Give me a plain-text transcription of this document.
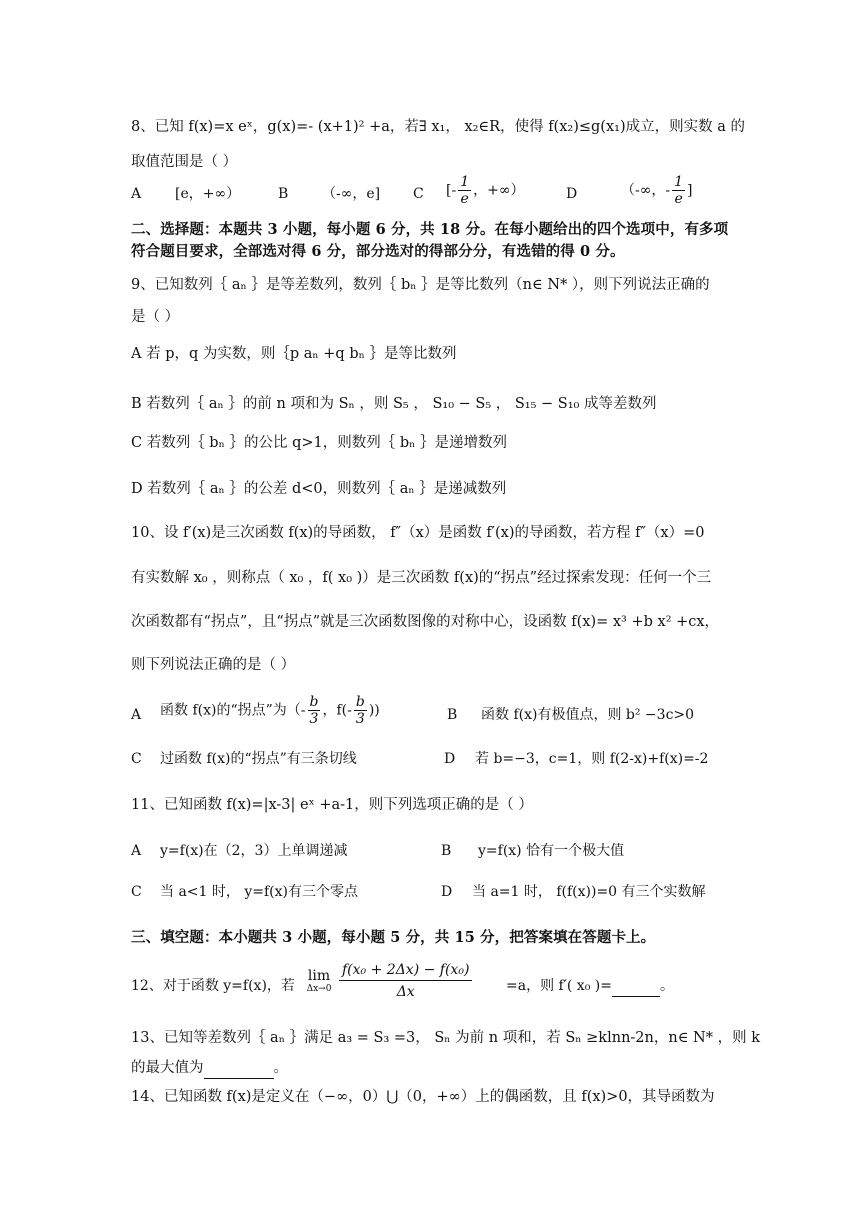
8、已知 f(x)=x eˣ，g(x)=- (x+1)² +a，若∃ x₁， x₂∈R，使得 f(x₂)≤g(x₁)成立，则实数 a 的
取值范围是（ ）
A [e，+∞）	B （-∞，e] C [- $\frac{1}{e}$ ，+∞）	D	（-∞，- $\frac{1}{e}$ ]
二、选择题：本题共 3 小题，每小题 6 分，共 18 分。在每小题给出的四个选项中，有多项
符合题目要求，全部选对得 6 分，部分选对的得部分分，有选错的得 0 分。
9、已知数列｛ aₙ ｝是等差数列，数列｛ bₙ ｝是等比数列（n∈ N* ），则下列说法正确的
是（ ）
A 若 p，q 为实数，则｛p aₙ +q bₙ ｝是等比数列
B 若数列｛ aₙ ｝的前 n 项和为 Sₙ ，则 S₅ ， S₁₀ − S₅ ， S₁₅ − S₁₀ 成等差数列
C 若数列｛ bₙ ｝的公比 q>1，则数列｛ bₙ ｝是递增数列
D 若数列｛ aₙ ｝的公差 d<0，则数列｛ aₙ ｝是递减数列
10、设 f′(x)是三次函数 f(x)的导函数， f″（x）是函数 f′(x)的导函数，若方程 f″（x）=0
有实数解 x₀ ，则称点（ x₀ ，f( x₀ )）是三次函数 f(x)的“拐点”经过探索发现：任何一个三
次函数都有“拐点”，且“拐点”就是三次函数图像的对称中心，设函数 f(x)= x³ +b x² +cx，
则下列说法正确的是（ ）
A 函数 f(x)的“拐点”为（- $\frac{b}{3}$ ，$f(- \frac{b}{3}$ ))	B 函数 f(x)有极值点，则 b² −3c>0
C 过函数 f(x)的“拐点”有三条切线	D 若 b=−3，c=1，则 f(2-x)+f(x)=-2
11、已知函数 f(x)=|x-3| eˣ +a-1，则下列选项正确的是（ ）
A y=f(x)在（2，3）上单调递减	B y=f(x) 恰有一个极大值
C 当 a<1 时， y=f(x)有三个零点	D 当 a=1 时， f(f(x))=0 有三个实数解
三、填空题：本小题共 3 小题，每小题 5 分，共 15 分，把答案填在答题卡上。
12、对于函数 y=f(x)，若
lim
Δx→0
f(x₀ + 2Δx) − f(x₀)
Δx	=a，则 f′( x₀ )=	。
13、已知等差数列｛ aₙ ｝满足 a₃ = S₃ =3， Sₙ 为前 n 项和，若 Sₙ ≥klnn-2n，n∈ N* ，则 k
的最大值为	。
14、已知函数 f(x)是定义在（−∞，0）⋃（0，+∞）上的偶函数，且 f(x)>0，其导函数为
